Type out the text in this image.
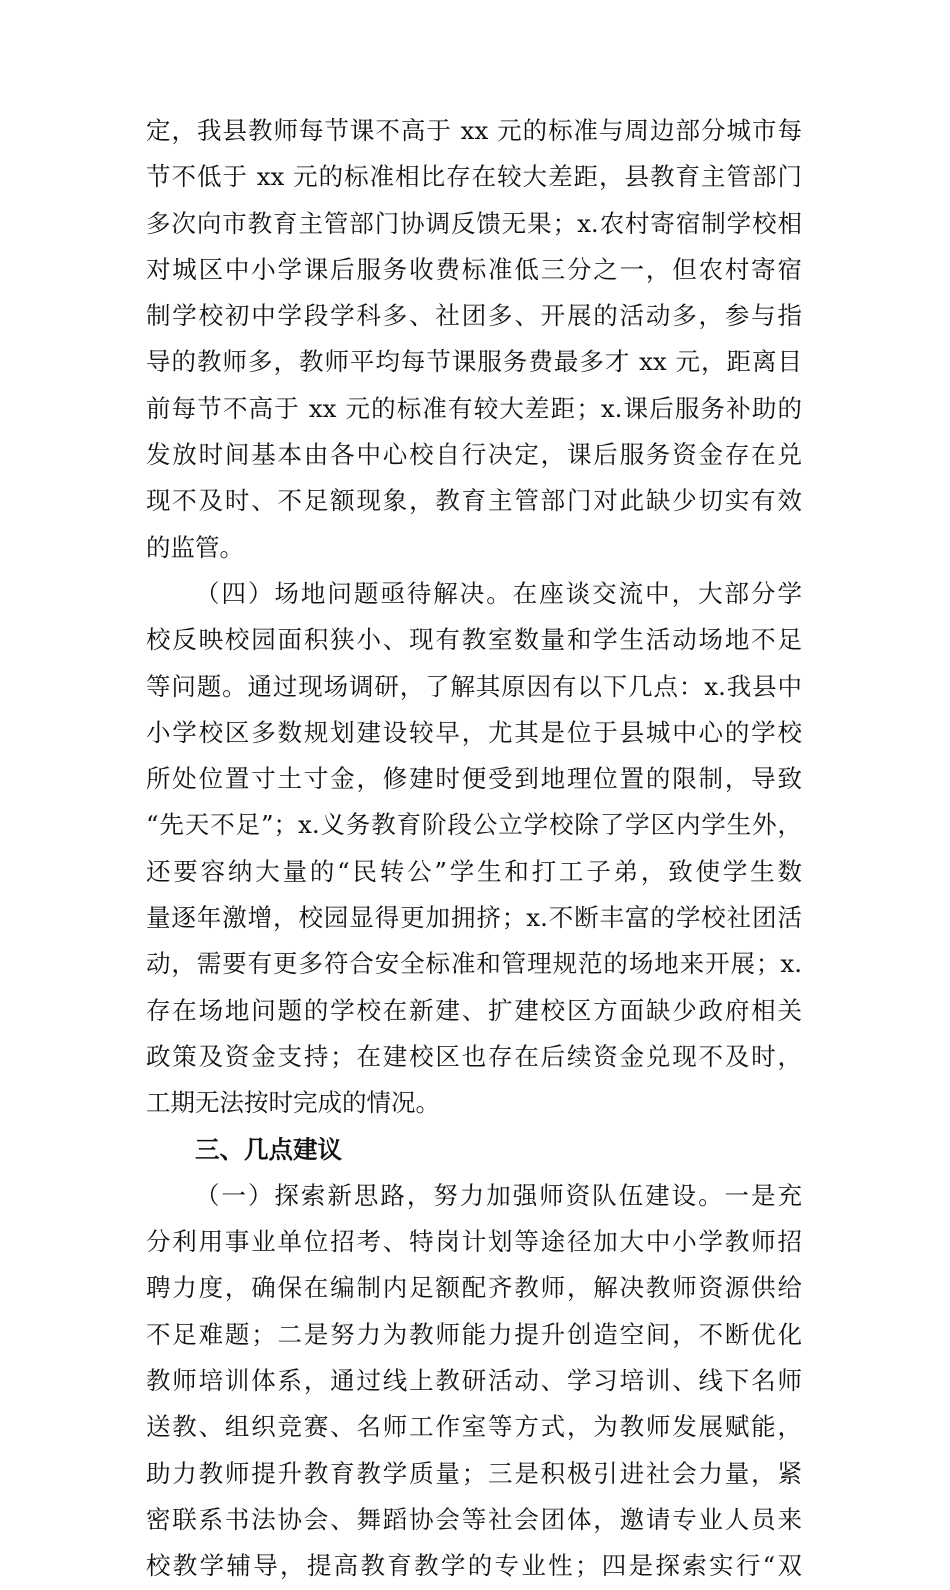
定，我县教师每节课不高于 xx 元的标准与周边部分城市每
节不低于 xx 元的标准相比存在较大差距，县教育主管部门
多次向市教育主管部门协调反馈无果；x.农村寄宿制学校相
对城区中小学课后服务收费标准低三分之一，但农村寄宿
制学校初中学段学科多、社团多、开展的活动多，参与指
导的教师多，教师平均每节课服务费最多才 xx 元，距离目
前每节不高于 xx 元的标准有较大差距；x.课后服务补助的
发放时间基本由各中心校自行决定，课后服务资金存在兑
现不及时、不足额现象，教育主管部门对此缺少切实有效
的监管。
（四）场地问题亟待解决。在座谈交流中，大部分学
校反映校园面积狭小、现有教室数量和学生活动场地不足
等问题。通过现场调研，了解其原因有以下几点：x.我县中
小学校区多数规划建设较早，尤其是位于县城中心的学校
所处位置寸土寸金，修建时便受到地理位置的限制，导致
“先天不足”；x.义务教育阶段公立学校除了学区内学生外，
还要容纳大量的“民转公”学生和打工子弟，致使学生数
量逐年激增，校园显得更加拥挤；x.不断丰富的学校社团活
动，需要有更多符合安全标准和管理规范的场地来开展；x.
存在场地问题的学校在新建、扩建校区方面缺少政府相关
政策及资金支持；在建校区也存在后续资金兑现不及时，
工期无法按时完成的情况。
三、几点建议
（一）探索新思路，努力加强师资队伍建设。一是充
分利用事业单位招考、特岗计划等途径加大中小学教师招
聘力度，确保在编制内足额配齐教师，解决教师资源供给
不足难题；二是努力为教师能力提升创造空间，不断优化
教师培训体系，通过线上教研活动、学习培训、线下名师
送教、组织竞赛、名师工作室等方式，为教师发展赋能，
助力教师提升教育教学质量；三是积极引进社会力量，紧
密联系书法协会、舞蹈协会等社会团体，邀请专业人员来
校教学辅导，提高教育教学的专业性；四是探索实行“双
